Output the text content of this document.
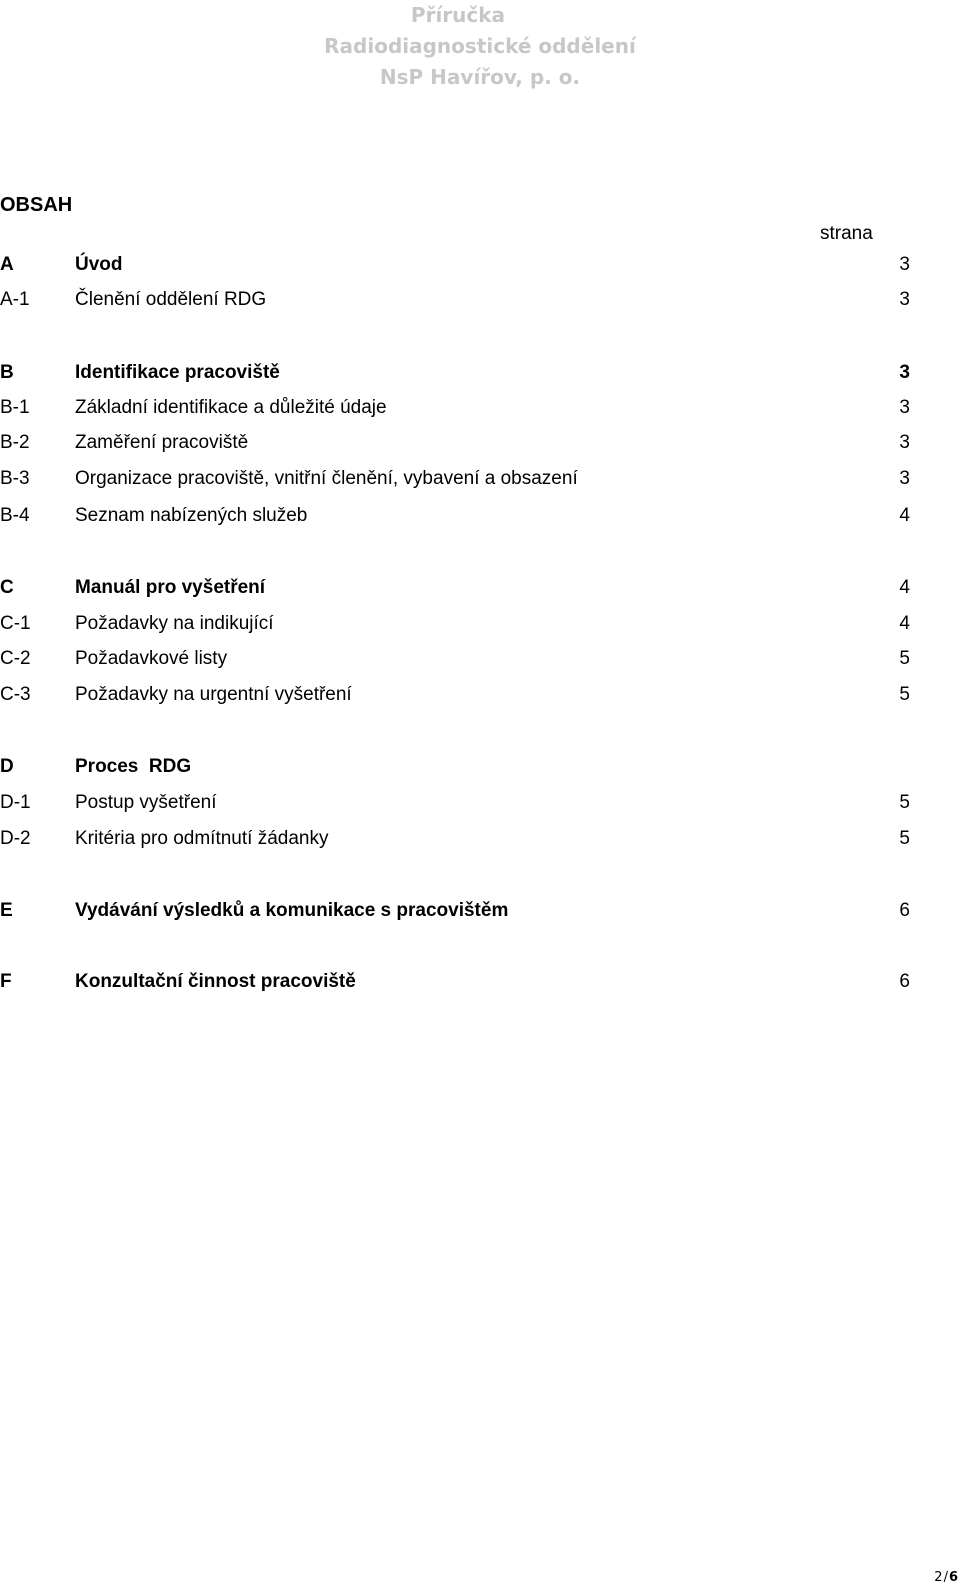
Příručka
Radiodiagnostické oddělení
NsP Havířov, p. o.
OBSAH
strana
A	Úvod	3
A-1 Členění oddělení RDG	3
B	Identifikace pracoviště	3
B-1 Základní identifikace a důležité údaje	3
B-2 Zaměření pracoviště	3
B-3 Organizace pracoviště, vnitřní členění, vybavení a obsazení	3
B-4 Seznam nabízených služeb	4
C	Manuál pro vyšetření	4
C-1 Požadavky na indikující	4
C-2 Požadavkové listy	5
C-3 Požadavky na urgentní vyšetření	5
D	Proces  RDG
D-1 Postup vyšetření	5
D-2 Kritéria pro odmítnutí žádanky	5
E	Vydávání výsledků a komunikace s pracovištěm	6
F	Konzultační činnost pracoviště	6
2/6
